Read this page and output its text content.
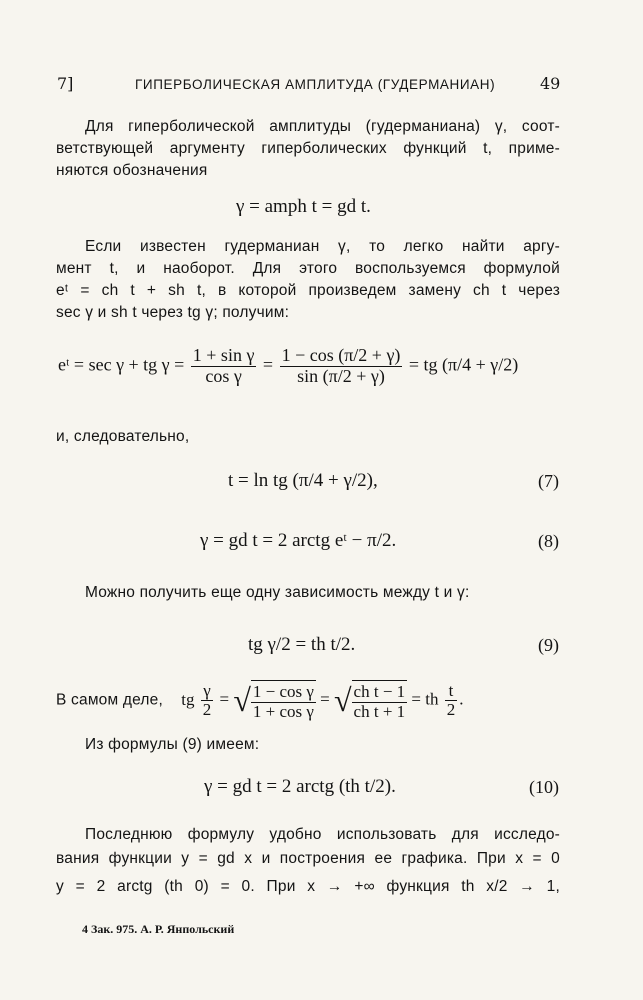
7]	ГИПЕРБОЛИЧЕСКАЯ АМПЛИТУДА (ГУДЕРМАНИАН)	49
Для гиперболической амплитуды (гудерманиана) γ, соот-
ветствующей аргументу гиперболических функций t, приме-
няются обозначения
γ = amph t = gd t.
Если известен гудерманиан γ, то легко найти аргу-
мент t, и наоборот. Для этого воспользуемся формулой
eᵗ = ch t + sh t, в которой произведем замену ch t через
sec γ и sh t через tg γ; получим:
eᵗ = sec γ + tg $\gamma = \frac{\text{1 + sin γ}}{\text{cos γ}} = \frac{1 - \cos (\pi/2 + \gamma)}{\sin (\pi/2 + \gamma)}$ = tg (π/4 + γ/2)
и, следовательно,
t = ln tg (π/4 + γ/2),	(7)
γ = gd t = 2 arctg eᵗ − π/2.	(8)
Можно получить еще одну зависимость между t и γ:
tg γ/2 = th t/2.	(9)
В самом деле, tg $\frac{\gamma}{2}$ = √ $\frac{\text{1 − cos γ}}{\text{1 + cos γ}}$ = √ $\frac{\text{ch t − 1}}{\text{ch t + 1}}$ = th $\frac{t}{2}$ .
Из формулы (9) имеем:
γ = gd t = 2 arctg (th t/2).	(10)
Последнюю формулу удобно использовать для исследо-
вания функции y = gd x и построения ее графика. При x = 0
y = 2 arctg (th 0) = 0. При x → +∞ функция th x/2 → 1,
4 Зак. 975. А. Р. Янпольский
